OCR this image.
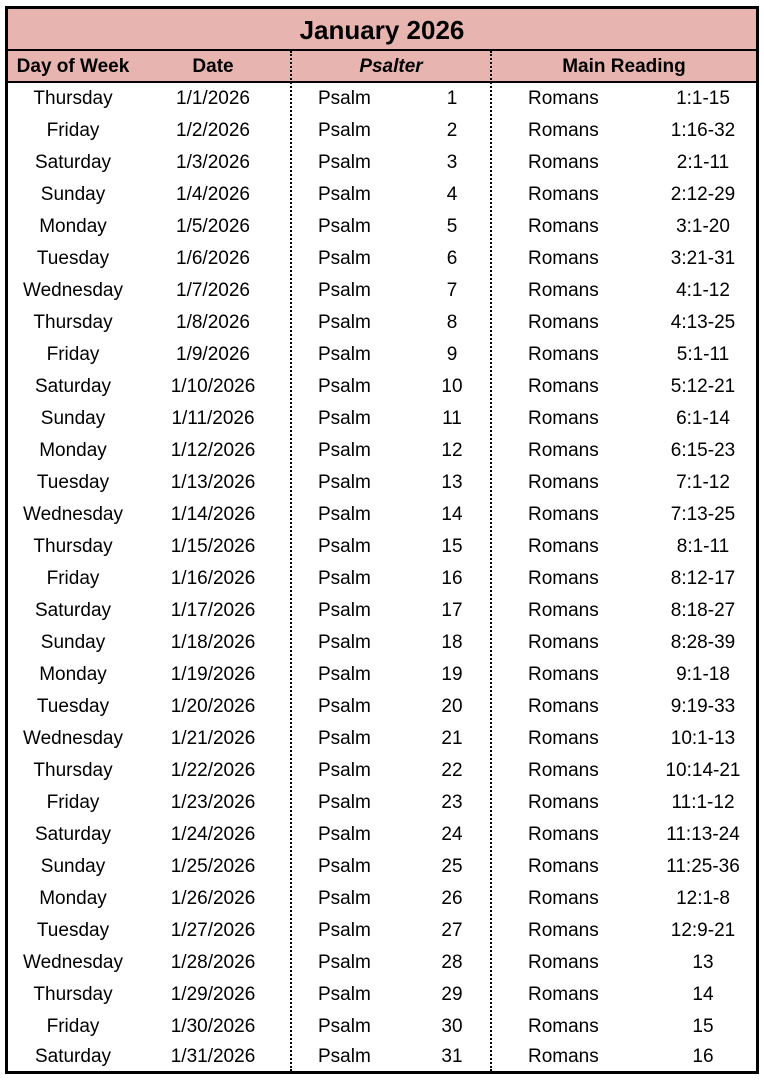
January 2026
Day of Week	Date	Psalter	Main Reading
Thursday	1/1/2026	Psalm	1	Romans	1:1-15
Friday	1/2/2026	Psalm	2	Romans	1:16-32
Saturday	1/3/2026	Psalm	3	Romans	2:1-11
Sunday	1/4/2026	Psalm	4	Romans	2:12-29
Monday	1/5/2026	Psalm	5	Romans	3:1-20
Tuesday	1/6/2026	Psalm	6	Romans	3:21-31
Wednesday	1/7/2026	Psalm	7	Romans	4:1-12
Thursday	1/8/2026	Psalm	8	Romans	4:13-25
Friday	1/9/2026	Psalm	9	Romans	5:1-11
Saturday	1/10/2026	Psalm	10	Romans	5:12-21
Sunday	1/11/2026	Psalm	11	Romans	6:1-14
Monday	1/12/2026	Psalm	12	Romans	6:15-23
Tuesday	1/13/2026	Psalm	13	Romans	7:1-12
Wednesday	1/14/2026	Psalm	14	Romans	7:13-25
Thursday	1/15/2026	Psalm	15	Romans	8:1-11
Friday	1/16/2026	Psalm	16	Romans	8:12-17
Saturday	1/17/2026	Psalm	17	Romans	8:18-27
Sunday	1/18/2026	Psalm	18	Romans	8:28-39
Monday	1/19/2026	Psalm	19	Romans	9:1-18
Tuesday	1/20/2026	Psalm	20	Romans	9:19-33
Wednesday	1/21/2026	Psalm	21	Romans	10:1-13
Thursday	1/22/2026	Psalm	22	Romans	10:14-21
Friday	1/23/2026	Psalm	23	Romans	11:1-12
Saturday	1/24/2026	Psalm	24	Romans	11:13-24
Sunday	1/25/2026	Psalm	25	Romans	11:25-36
Monday	1/26/2026	Psalm	26	Romans	12:1-8
Tuesday	1/27/2026	Psalm	27	Romans	12:9-21
Wednesday	1/28/2026	Psalm	28	Romans	13
Thursday	1/29/2026	Psalm	29	Romans	14
Friday	1/30/2026	Psalm	30	Romans	15
Saturday	1/31/2026	Psalm	31	Romans	16
